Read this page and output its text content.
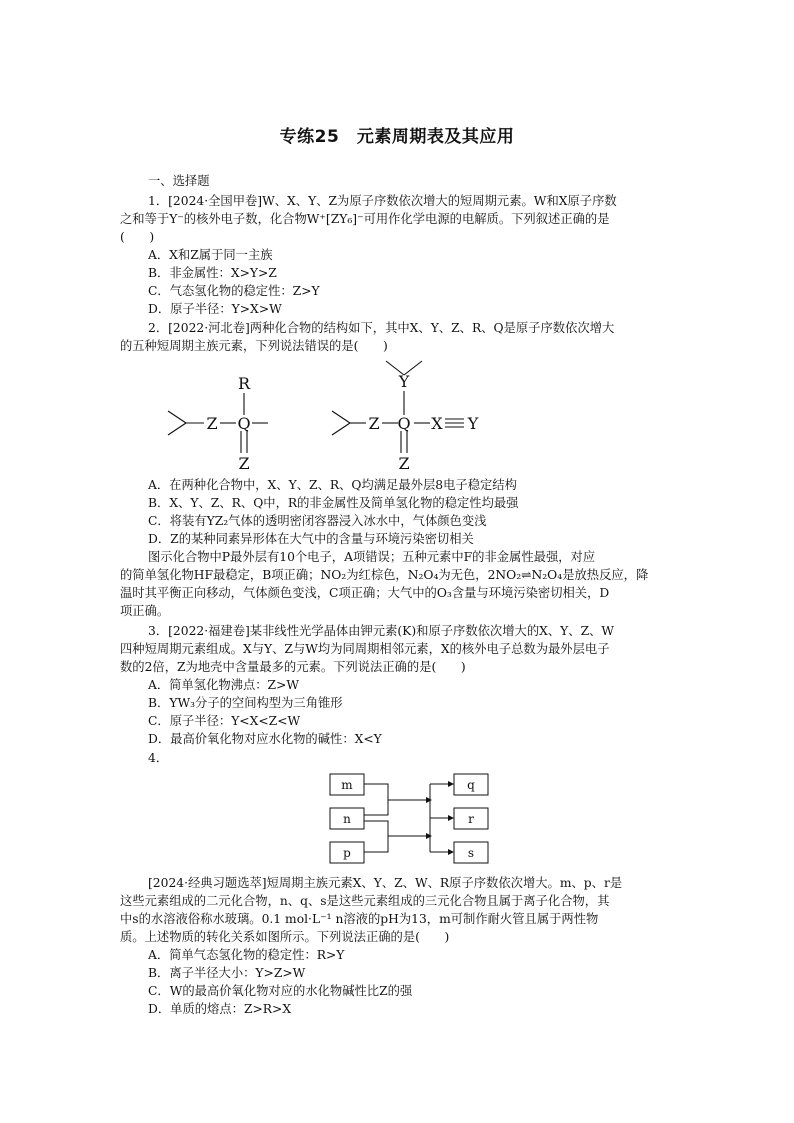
专练25　元素周期表及其应用
一、选择题
1．[2024·全国甲卷]W、X、Y、Z为原子序数依次增大的短周期元素。W和X原子序数
之和等于Y⁻的核外电子数，化合物W⁺[ZY₆]⁻可用作化学电源的电解质。下列叙述正确的是
(　　)
A．X和Z属于同一主族
B．非金属性：X>Y>Z
C．气态氢化物的稳定性：Z>Y
D．原子半径：Y>X>W
2．[2022·河北卷]两种化合物的结构如下，其中X、Y、Z、R、Q是原子序数依次增大
的五种短周期主族元素，下列说法错误的是(　　)
R
Z Q
Z
Y
Z Q X Y
Z
A．在两种化合物中，X、Y、Z、R、Q均满足最外层8电子稳定结构
B．X、Y、Z、R、Q中，R的非金属性及简单氢化物的稳定性均最强
C．将装有YZ₂气体的透明密闭容器浸入冰水中，气体颜色变浅
D．Z的某种同素异形体在大气中的含量与环境污染密切相关
图示化合物中P最外层有10个电子，A项错误；五种元素中F的非金属性最强，对应
的简单氢化物HF最稳定，B项正确；NO₂为红棕色，N₂O₄为无色，2NO₂⇌N₂O₄是放热反应，降
温时其平衡正向移动，气体颜色变浅，C项正确；大气中的O₃含量与环境污染密切相关，D
项正确。
3．[2022·福建卷]某非线性光学晶体由钾元素(K)和原子序数依次增大的X、Y、Z、W
四种短周期元素组成。X与Y、Z与W均为同周期相邻元素，X的核外电子总数为最外层电子
数的2倍，Z为地壳中含量最多的元素。下列说法正确的是(　　)
A．简单氢化物沸点：Z>W
B．YW₃分子的空间构型为三角锥形
C．原子半径：Y<X<Z<W
D．最高价氧化物对应水化物的碱性：X<Y
4．
m
n
p
q
r
s
[2024·经典习题选萃]短周期主族元素X、Y、Z、W、R原子序数依次增大。m、p、r是
这些元素组成的二元化合物，n、q、s是这些元素组成的三元化合物且属于离子化合物，其
中s的水溶液俗称水玻璃。0.1 mol·L⁻¹ n溶液的pH为13，m可制作耐火管且属于两性物
质。上述物质的转化关系如图所示。下列说法正确的是(　　)
A．简单气态氢化物的稳定性：R>Y
B．离子半径大小：Y>Z>W
C．W的最高价氧化物对应的水化物碱性比Z的强
D．单质的熔点：Z>R>X
